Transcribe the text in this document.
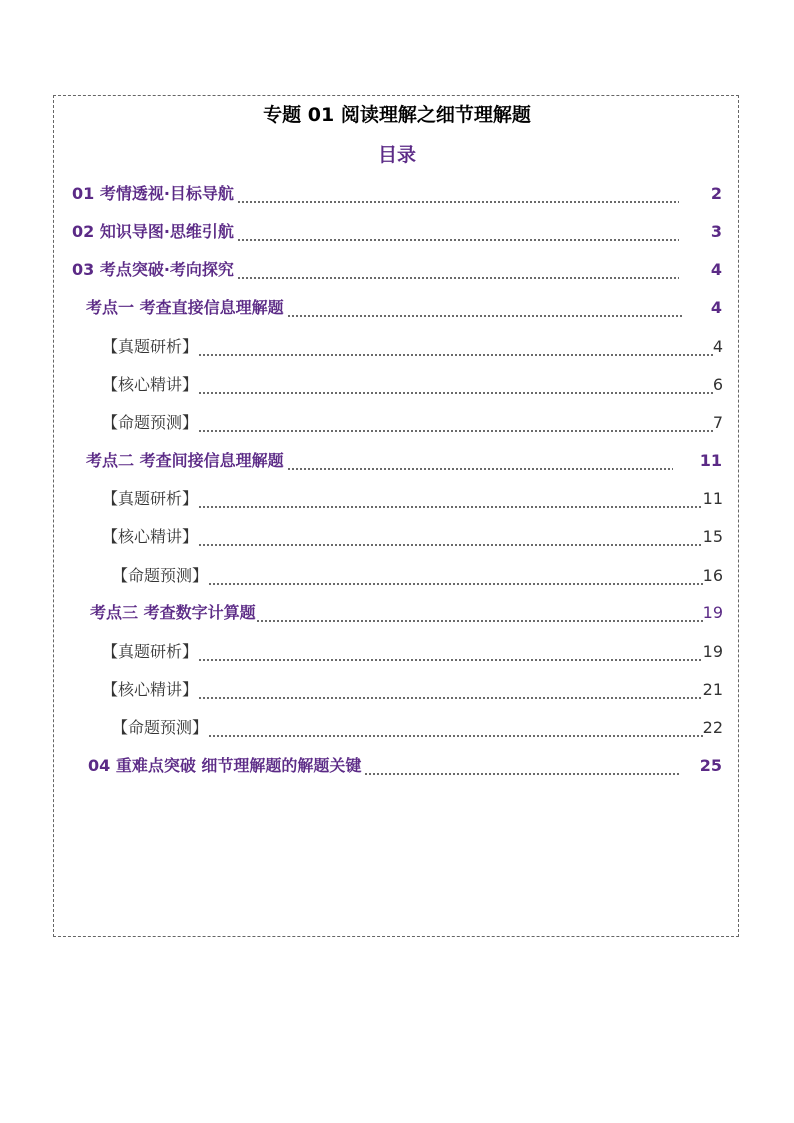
专题 01 阅读理解之细节理解题
目录
01 考情透视·目标导航	2
02 知识导图·思维引航	3
03 考点突破·考向探究	4
考点一 考查直接信息理解题	4
【真题研析】	4
【核心精讲】	6
【命题预测】	7
考点二 考查间接信息理解题	11
【真题研析】	11
【核心精讲】	15
【命题预测】	16
考点三 考查数字计算题	19
【真题研析】	19
【核心精讲】	21
【命题预测】	22
04 重难点突破 细节理解题的解题关键	25
